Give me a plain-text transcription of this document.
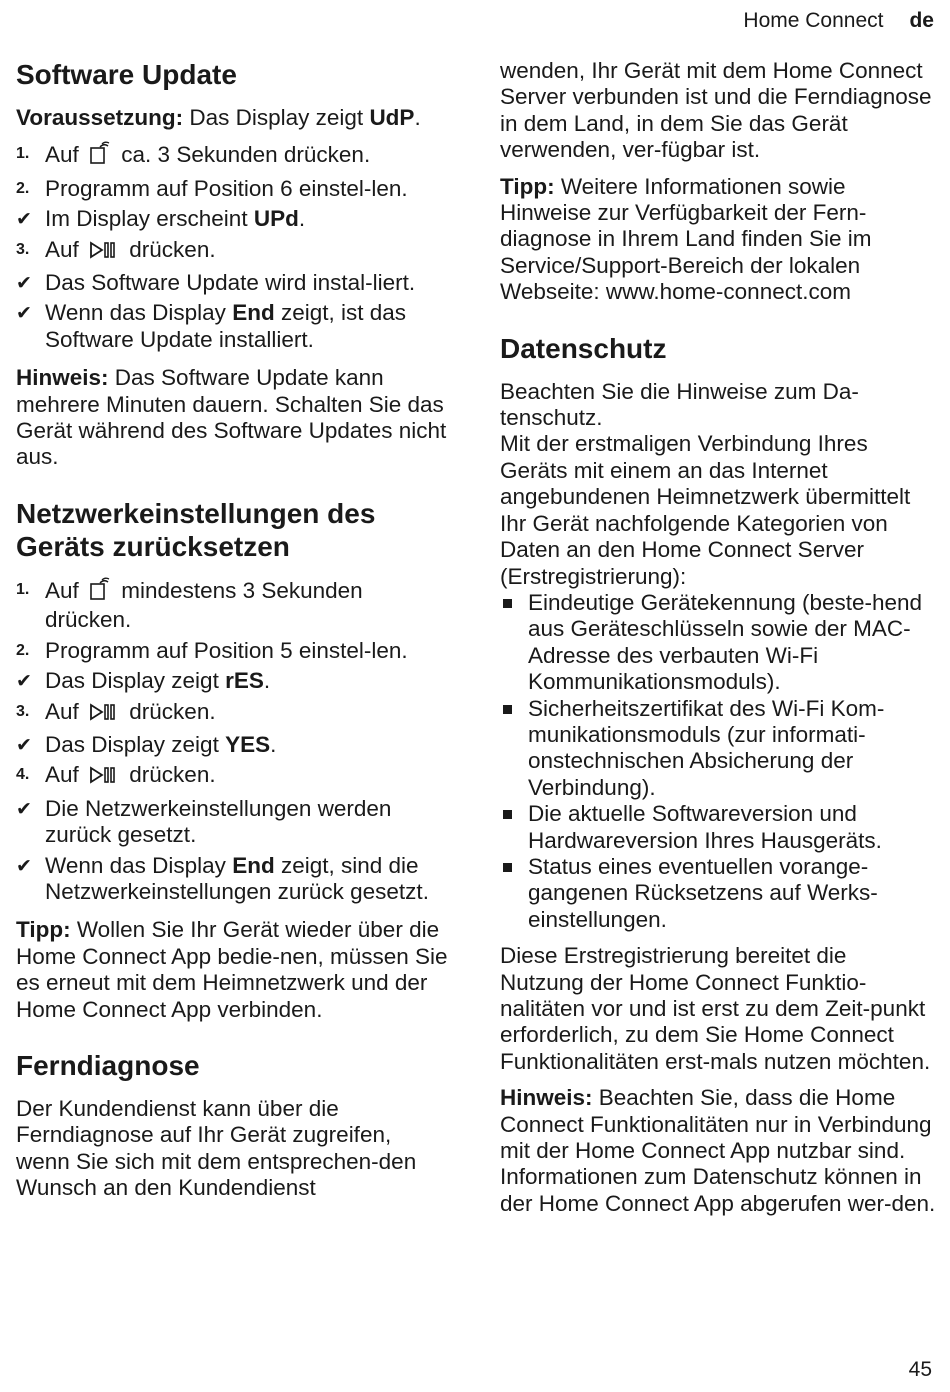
Home Connect de
Software Update

Voraussetzung: Das Display zeigt UdP.

1. Auf  ca. 3 Sekunden drücken.
2. Programm auf Position 6 einstel-len.
✔ Im Display erscheint UPd.
3. Auf  drücken.
✔ Das Software Update wird instal-liert.
✔ Wenn das Display End zeigt, ist das Software Update installiert.

Hinweis: Das Software Update kann mehrere Minuten dauern. Schalten Sie das Gerät während des Software Updates nicht aus.

Netzwerkeinstellungen des Geräts zurücksetzen
1. Auf  mindestens 3 Sekunden drücken.
2. Programm auf Position 5 einstel-len.
✔ Das Display zeigt rES.
3. Auf  drücken.
✔ Das Display zeigt YES.
4. Auf  drücken.
✔ Die Netzwerkeinstellungen werden zurück gesetzt.
✔ Wenn das Display End zeigt, sind die Netzwerkeinstellungen zurück gesetzt.

Tipp: Wollen Sie Ihr Gerät wieder über die Home Connect App bedie-nen, müssen Sie es erneut mit dem Heimnetzwerk und der Home Connect App verbinden.

Ferndiagnose

Der Kundendienst kann über die Ferndiagnose auf Ihr Gerät zugreifen, wenn Sie sich mit dem entsprechen-den Wunsch an den Kundendienst

wenden, Ihr Gerät mit dem Home Connect Server verbunden ist und die Ferndiagnose in dem Land, in dem Sie das Gerät verwenden, ver-fügbar ist.

Tipp: Weitere Informationen sowie Hinweise zur Verfügbarkeit der Fern-diagnose in Ihrem Land finden Sie im Service/Support-Bereich der lokalen Webseite: www.home-connect.com

Datenschutz

Beachten Sie die Hinweise zum Da-tenschutz.

Mit der erstmaligen Verbindung Ihres Geräts mit einem an das Internet angebundenen Heimnetzwerk übermittelt Ihr Gerät nachfolgende Kategorien von Daten an den Home Connect Server (Erstregistrierung):

Eindeutige Gerätekennung (beste-hend aus Geräteschlüsseln sowie der MAC-Adresse des verbauten Wi-Fi Kommunikationsmoduls).
Sicherheitszertifikat des Wi-Fi Kom-munikationsmoduls (zur informati-onstechnischen Absicherung der Verbindung).
Die aktuelle Softwareversion und Hardwareversion Ihres Hausgeräts.
Status eines eventuellen vorange-gangenen Rücksetzens auf Werks-einstellungen.

Diese Erstregistrierung bereitet die Nutzung der Home Connect Funktio-nalitäten vor und ist erst zu dem Zeit-punkt erforderlich, zu dem Sie Home Connect Funktionalitäten erst-mals nutzen möchten.

Hinweis: Beachten Sie, dass die Home Connect Funktionalitäten nur in Verbindung mit der Home Connect App nutzbar sind. Informationen zum Datenschutz können in der Home Connect App abgerufen wer-den.

45
